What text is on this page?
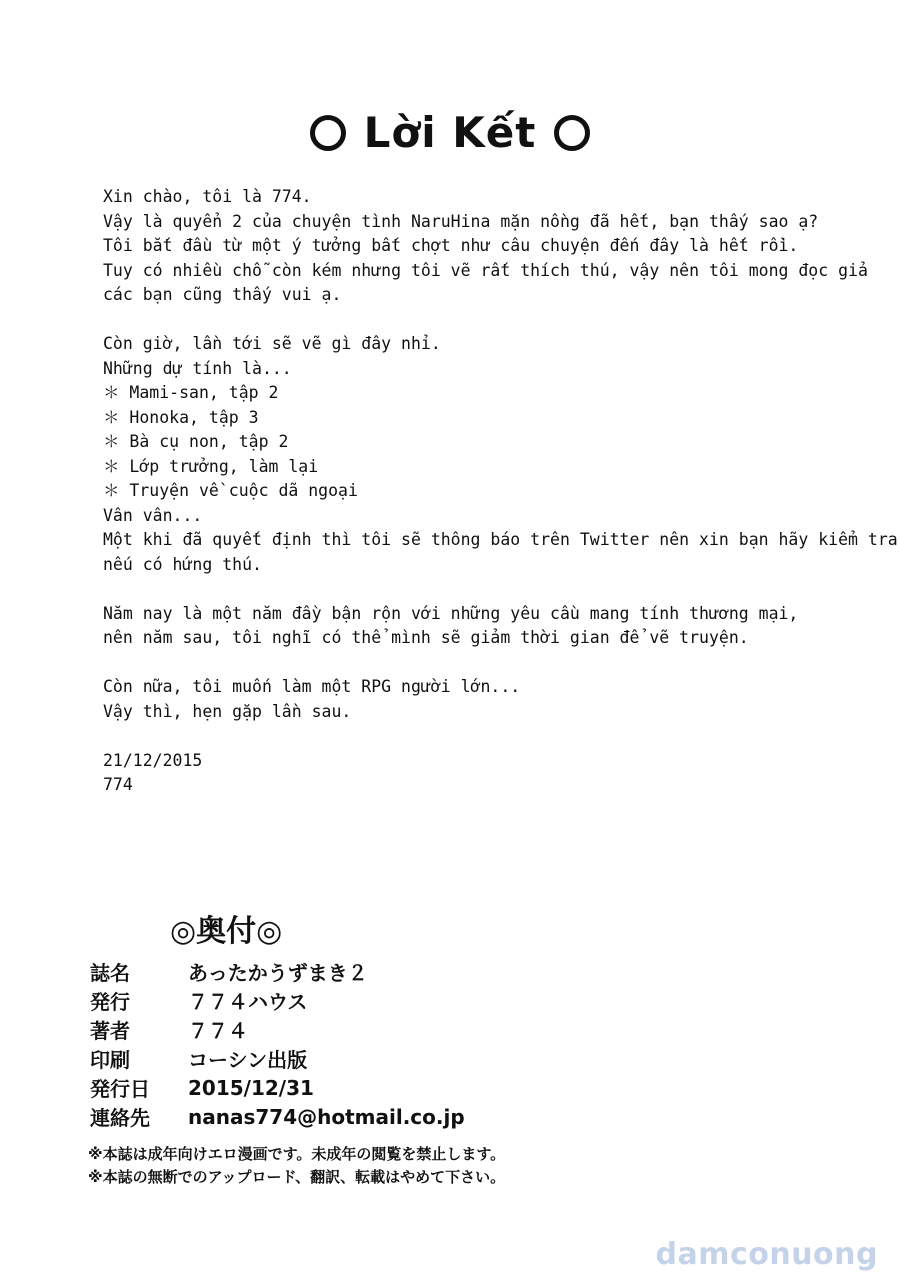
Lời Kết
Xin chào, tôi là 774.
Vậy là quyển 2 của chuyện tình NaruHina mặn nồng đã hết, bạn thấy sao ạ?
Tôi bắt đầu từ một ý tưởng bất chợt như câu chuyện đến đây là hết rồi.
Tuy có nhiều chỗ còn kém nhưng tôi vẽ rất thích thú, vậy nên tôi mong đọc giả
các bạn cũng thấy vui ạ.
Còn giờ, lần tới sẽ vẽ gì đây nhỉ.
Những dự tính là...
＊ Mami-san, tập 2
＊ Honoka, tập 3
＊ Bà cụ non, tập 2
＊ Lớp trưởng, làm lại
＊ Truyện về cuộc dã ngoại
Vân vân...
Một khi đã quyết định thì tôi sẽ thông báo trên Twitter nên xin bạn hãy kiểm tra
nếu có hứng thú.
Năm nay là một năm đầy bận rộn với những yêu cầu mang tính thương mại,
nên năm sau, tôi nghĩ có thể mình sẽ giảm thời gian để vẽ truyện.
Còn nữa, tôi muốn làm một RPG người lớn...
Vậy thì, hẹn gặp lần sau.
21/12/2015
774
◎奥付◎
誌名	あったかうずまき２
発行	７７４ハウス
著者	７７４
印刷	コーシン出版
発行日	2015/12/31
連絡先	nanas774@hotmail.co.jp
※本誌は成年向けエロ漫画です。未成年の閲覧を禁止します。
※本誌の無断でのアップロード、翻訳、転載はやめて下さい。
damconuong
